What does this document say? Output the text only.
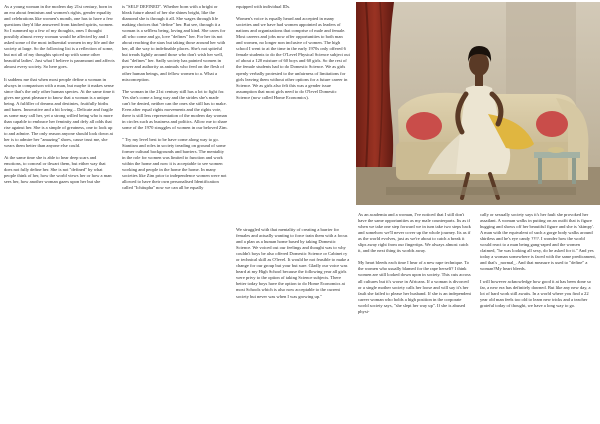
As a young woman in the modern day 21st century, born in an era about feminism and women's rights, gender equality and celebrations like women's month, one has to have a few questions they'd like answered from kindred spirits, women. So I summed up a few of my thoughts, ones I thought possibly almost every woman would be affected by and I asked some of the most influential women in my life and the society at large. So the following list is a reflection of some, but not all of my thoughts spiced up with some other beautiful ladies'. Just what I believe is paramount and affects almost every society. So here goes.

It saddens me that when most people define a woman in always in comparison with a man, but maybe it makes sense since that's the only other human species. At the same time it gives me great pleasure to know that a woman is a unique being. A fulfiller of dreams and destinies, fruitfully births and bares. Innovative and a bit loving... Delicate and fragile as some may call her, yet a strong willed being who is more than capable to embrace her feminity and defy all odds that rise against her. She is a simple of greatness, one to look up to and admire. The only reason anyone should look down at her is to admire her "amazing" shoes, cause trust me, she wears them better than anyone else could.

At the same time she is able to hear deep scars and emotions, to conceal or thwart them, but either way that does not fully define her. She is not "defined" by what people think of her, how the world views her or how a man sees her, how another woman gazes upon her but she

is "SELF DEFINED". Whether born with a bright or bleak future ahead of her she shines bright, like the diamond she is through it all. She wages through life making choices that "define" her. But see, through it a woman is a selfless being, loving and kind. She cares for all who come and go, love "defines" her. For her its not about reaching the stars but taking those around her with her, all the way to indefinable places. She's not spiteful but treads lightly around those who don't wish her well, that "defines" her. Sadly society has painted women in power and authority as animals who feed on the flesh of other human beings, and fellow women to a. What a misconception.

The woman in the 21st century still has a lot to fight for. Yes she's come a long way and the strides she's made can't be denied, neither can the ones she still has to make. Even after equal rights movements and the rights vote, there is still less representation of the modern day woman in circles such as business and politics. Allow me to share some of the 1970 struggles of women in our beloved Zim.

" Try my level best to be have come along way to go. Stantism and roles in society treading on ground of some former cultural backgrounds and barriers. The mentality in the role for women was limited to function and work within the home and now it is acceptable to see women working and people in the home the home. In many societies like Zim prior to independence women were not allowed to have their own personalised Identification called "Ichitupha" now we can all be equally

equipped with individual IDs.

Women's voice is equally heard and accepted in many societies and we have had women appointed as leaders of nations and organizations that comprise of male and female. Most careers and jobs now offer opportunities to both man and women, no longer non inclusive of women. The high school I went to at the time in the early 1970s only offered 6 female students to do the O'Level Physical Science subject out of about a 120 mixture of 60 boys and 60 girls. So the rest of the female students had to do Domestic Science. We as girls openly verbally protested to the unfairness of limitations for girls leaving them without other options for a future career in Science. We as girls also felt this was a gender issue assumption that most girls need to do O'level Domestic Science (now called Home Economics).

We struggled with that mentality of creating a barrier for females and actually wanting to force train them with a focus and a plan as a human home based by taking Domestic Science. We voiced out our feelings and thought was to why couldn't boys be also offered Domestic Science or Cabinet ry or technical skill as O'level. It would be not feasible to make a change for our group but your but sure. Gladly our voice was heard at my High School because the following year all girls were privy to the option of taking Science subjects. There better today boys have the option to do Home Economics at most Schools which is also now acceptable to the current society but never was when I was growing up."

As an academia and a woman, I've noticed that I still don't have the same opportunities as my male counterparts. Its as if when we take one step forward we in turn take two steps back and somehow we'll never cover up the whole journey. Its as if as the world evolves, just as we're about to catch a break it slips away right from our fingertips. We always almost catch it, and the next thing its worlds away.

My heart bleeds each time I hear of a new rape technique. To the women who usually blamed for the rape herself? I think women are still looked down upon in society. This cuts across all cultures but it's worse in Africans. If a woman is divorced or a single mother society calls her loose and will say it's her fault she failed to please her husband. If she is an independent career woman who holds a high position in the corporate world society says, "she slept her way up". If she is abused physi-

cally or sexually society says it's her fault she provoked her assailant. A woman walks in putting on an outfit that is figure hugging and shows off her beautiful figure and she is 'skimpy'. A man with the equivalent of such a gorge body walks around shirtless and he's eye candy ??!?. I wonder how the world would react to a man being gang-raped and the women claimed, "he was looking all sexy, do he asked for it." And yes today a woman somewhere is faced with the same predicament, and that's _normal_. And that measure is used to "define" a woman?My heart bleeds.

I will however acknowledge how good it at has been done so far, a new era has definitely dawned. But like any new day, a lot of hard work still awaits. In a world where you find a 22 year old man feels too old to learn new tricks and a teacher grateful today of thought, we have a long way to go.
